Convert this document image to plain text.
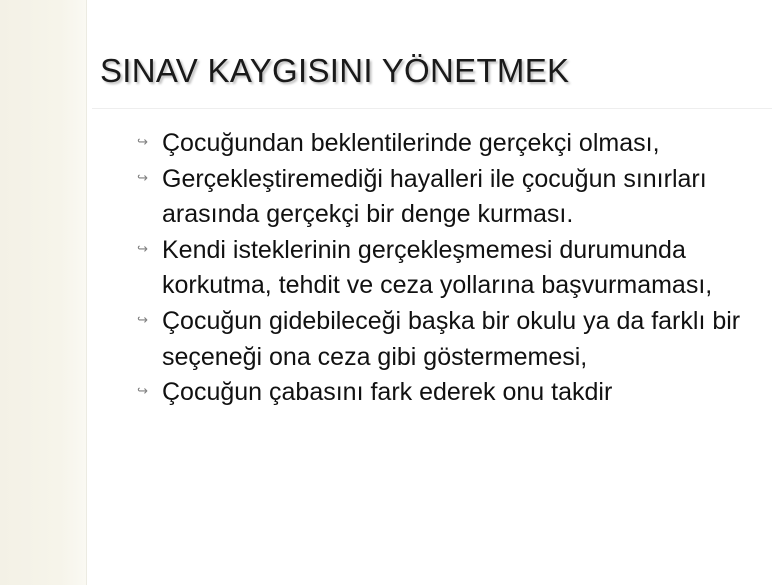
SINAV KAYGISINI YÖNETMEK
↪ Çocuğundan beklentilerinde gerçekçi olması,
↪ Gerçekleştiremediği hayalleri ile çocuğun sınırları arasında gerçekçi bir denge kurması.
↪ Kendi isteklerinin gerçekleşmemesi durumunda korkutma, tehdit ve ceza yollarına başvurmaması,
↪ Çocuğun gidebileceği başka bir okulu ya da farklı bir seçeneği ona ceza gibi göstermemesi,
↪ Çocuğun çabasını fark ederek onu takdir
